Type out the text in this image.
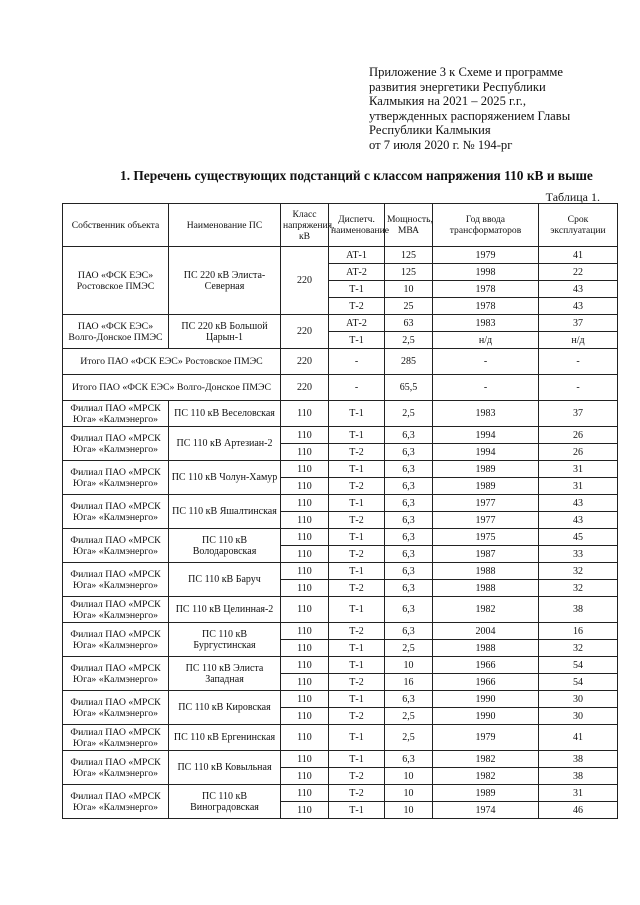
Приложение 3 к Схеме и программе
развития энергетики Республики
Калмыкия на 2021 – 2025 г.г.,
утвержденных распоряжением Главы
Республики Калмыкия
от 7 июля 2020 г. № 194-рг
1. Перечень существующих подстанций с классом напряжения 110 кВ и выше
Таблица 1.
Собственник объекта	Наименование ПС	Класс напряжения, кВ	Диспетч. наименование	Мощность, МВА	Год ввода трансформаторов	Срок эксплуатации
ПАО «ФСК ЕЭС» Ростовское ПМЭС	ПС 220 кВ Элиста-Северная	220	АТ-1	125	1979	41
			АТ-2	125	1998	22
			Т-1	10	1978	43
			Т-2	25	1978	43
ПАО «ФСК ЕЭС» Волго-Донское ПМЭС	ПС 220 кВ Большой Царын-1	220	АТ-2	63	1983	37
			Т-1	2,5	н/д	н/д
Итого ПАО «ФСК ЕЭС» Ростовское ПМЭС		220	-	285	-	-
Итого ПАО «ФСК ЕЭС» Волго-Донское ПМЭС		220	-	65,5	-	-
Филиал ПАО «МРСК Юга» «Калмэнерго»	ПС 110 кВ Веселовская	110	Т-1	2,5	1983	37
Филиал ПАО «МРСК Юга» «Калмэнерго»	ПС 110 кВ Артезиан-2	110	Т-1	6,3	1994	26
		110	Т-2	6,3	1994	26
Филиал ПАО «МРСК Юга» «Калмэнерго»	ПС 110 кВ Чолун-Хамур	110	Т-1	6,3	1989	31
		110	Т-2	6,3	1989	31
Филиал ПАО «МРСК Юга» «Калмэнерго»	ПС 110 кВ Яшалтинская	110	Т-1	6,3	1977	43
		110	Т-2	6,3	1977	43
Филиал ПАО «МРСК Юга» «Калмэнерго»	ПС 110 кВ Володаровская	110	Т-1	6,3	1975	45
		110	Т-2	6,3	1987	33
Филиал ПАО «МРСК Юга» «Калмэнерго»	ПС 110 кВ Баруч	110	Т-1	6,3	1988	32
		110	Т-2	6,3	1988	32
Филиал ПАО «МРСК Юга» «Калмэнерго»	ПС 110 кВ Целинная-2	110	Т-1	6,3	1982	38
Филиал ПАО «МРСК Юга» «Калмэнерго»	ПС 110 кВ Бургустинская	110	Т-2	6,3	2004	16
		110	Т-1	2,5	1988	32
Филиал ПАО «МРСК Юга» «Калмэнерго»	ПС 110 кВ Элиста Западная	110	Т-1	10	1966	54
		110	Т-2	16	1966	54
Филиал ПАО «МРСК Юга» «Калмэнерго»	ПС 110 кВ Кировская	110	Т-1	6,3	1990	30
		110	Т-2	2,5	1990	30
Филиал ПАО «МРСК Юга» «Калмэнерго»	ПС 110 кВ Ергенинская	110	Т-1	2,5	1979	41
Филиал ПАО «МРСК Юга» «Калмэнерго»	ПС 110 кВ Ковыльная	110	Т-1	6,3	1982	38
		110	Т-2	10	1982	38
Филиал ПАО «МРСК Юга» «Калмэнерго»	ПС 110 кВ Виноградовская	110	Т-2	10	1989	31
		110	Т-1	10	1974	46
